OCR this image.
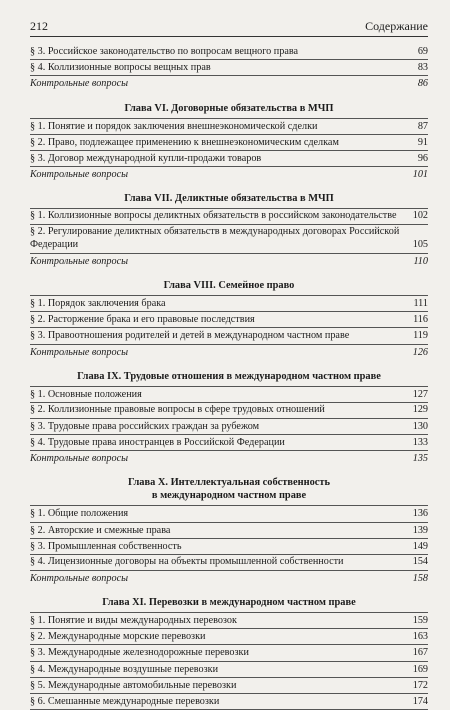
212	Содержание
§ 3. Российское законодательство по вопросам вещного права	69
§ 4. Коллизионные вопросы вещных прав	83
Контрольные вопросы	86
Глава VI. Договорные обязательства в МЧП
§ 1. Понятие и порядок заключения внешнеэкономической сделки	87
§ 2. Право, подлежащее применению к внешнеэкономическим сделкам	91
§ 3. Договор международной купли-продажи товаров	96
Контрольные вопросы	101
Глава VII. Деликтные обязательства в МЧП
§ 1. Коллизионные вопросы деликтных обязательств в российском законодательстве	102
§ 2. Регулирование деликтных обязательств в международных договорах Российской Федерации	105
Контрольные вопросы	110
Глава VIII. Семейное право
§ 1. Порядок заключения брака	111
§ 2. Расторжение брака и его правовые последствия	116
§ 3. Правоотношения родителей и детей в международном частном праве	119
Контрольные вопросы	126
Глава IX. Трудовые отношения в международном частном праве
§ 1. Основные положения	127
§ 2. Коллизионные правовые вопросы в сфере трудовых отношений	129
§ 3. Трудовые права российских граждан за рубежом	130
§ 4. Трудовые права иностранцев в Российской Федерации	133
Контрольные вопросы	135
Глава X. Интеллектуальная собственность
в международном частном праве
§ 1. Общие положения	136
§ 2. Авторские и смежные права	139
§ 3. Промышленная собственность	149
§ 4. Лицензионные договоры на объекты промышленной собственности	154
Контрольные вопросы	158
Глава XI. Перевозки в международном частном праве
§ 1. Понятие и виды международных перевозок	159
§ 2. Международные морские перевозки	163
§ 3. Международные железнодорожные перевозки	167
§ 4. Международные воздушные перевозки	169
§ 5. Международные автомобильные перевозки	172
§ 6. Смешанные международные перевозки	174
